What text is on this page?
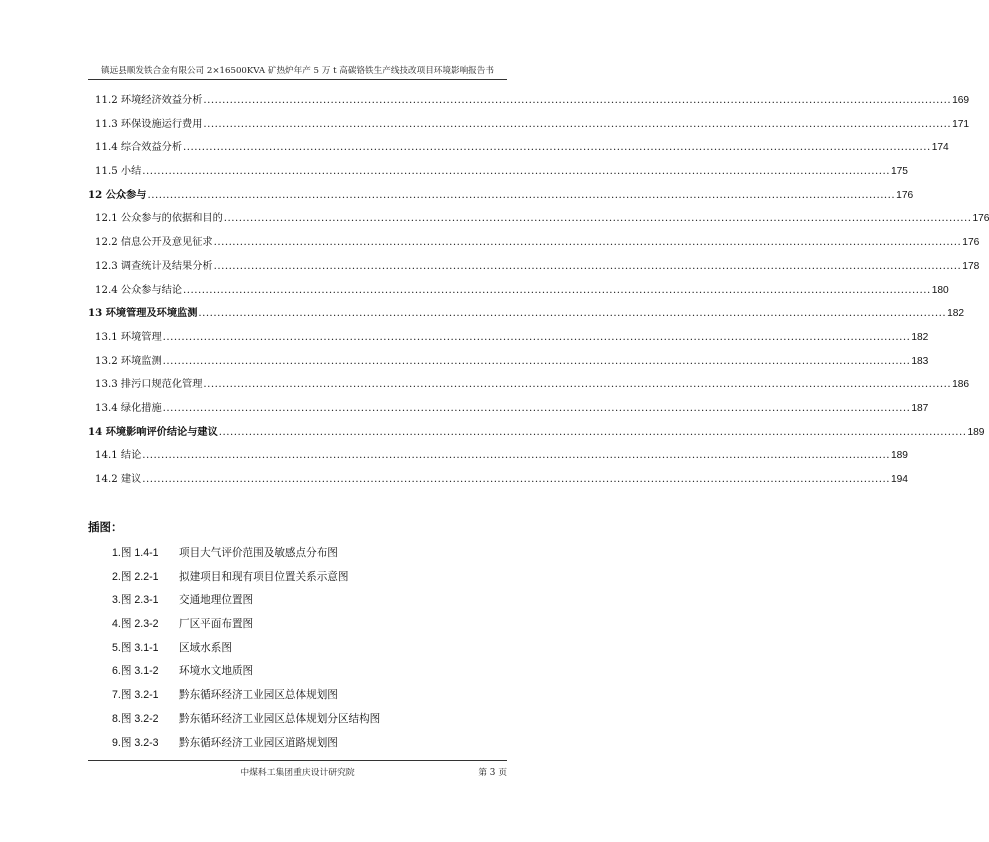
镇远县顺发铁合金有限公司 2×16500KVA 矿热炉年产 5 万 t 高碳铬铁生产线技改项目环境影响报告书
11.2 环境经济效益分析 ........................................................................................................................................................................................................ 169
11.3 环保设施运行费用 ........................................................................................................................................................................................................ 171
11.4 综合效益分析 ........................................................................................................................................................................................................ 174
11.5 小结 ........................................................................................................................................................................................................ 175
12 公众参与 ........................................................................................................................................................................................................ 176
12.1 公众参与的依据和目的 ........................................................................................................................................................................................................ 176
12.2 信息公开及意见征求 ........................................................................................................................................................................................................ 176
12.3 调查统计及结果分析 ........................................................................................................................................................................................................ 178
12.4 公众参与结论 ........................................................................................................................................................................................................ 180
13 环境管理及环境监测 ........................................................................................................................................................................................................ 182
13.1 环境管理 ........................................................................................................................................................................................................ 182
13.2 环境监测 ........................................................................................................................................................................................................ 183
13.3 排污口规范化管理 ........................................................................................................................................................................................................ 186
13.4 绿化措施 ........................................................................................................................................................................................................ 187
14 环境影响评价结论与建议 ........................................................................................................................................................................................................ 189
14.1 结论 ........................................................................................................................................................................................................ 189
14.2 建议 ........................................................................................................................................................................................................ 194
插图：
1.图 1.4-1	项目大气评价范围及敏感点分布图
2.图 2.2-1	拟建项目和现有项目位置关系示意图
3.图 2.3-1	交通地理位置图
4.图 2.3-2	厂区平面布置图
5.图 3.1-1	区域水系图
6.图 3.1-2	环境水文地质图
7.图 3.2-1	黔东循环经济工业园区总体规划图
8.图 3.2-2	黔东循环经济工业园区总体规划分区结构图
9.图 3.2-3	黔东循环经济工业园区道路规划图
中煤科工集团重庆设计研究院	第 3 页
